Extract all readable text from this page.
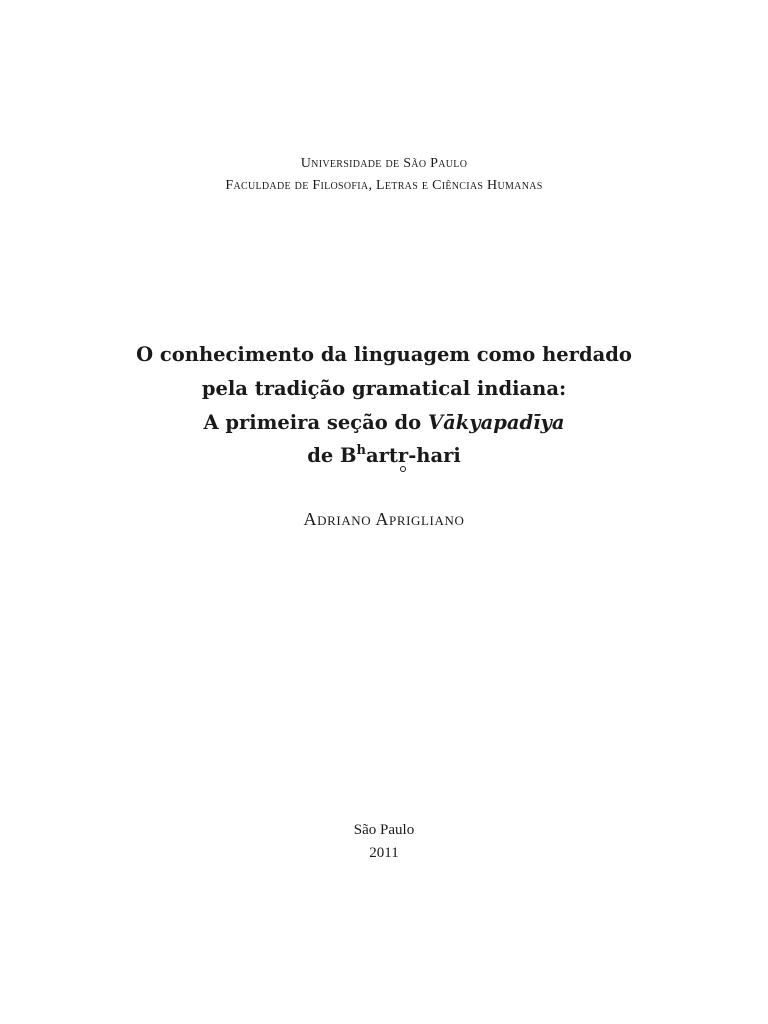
Universidade de São Paulo
Faculdade de Filosofia, Letras e Ciências Humanas
O conhecimento da linguagem como herdado
pela tradição gramatical indiana:
A primeira seção do Vākyapadīya
de $B^hartr$-hari
Adriano Aprigliano
São Paulo
2011
